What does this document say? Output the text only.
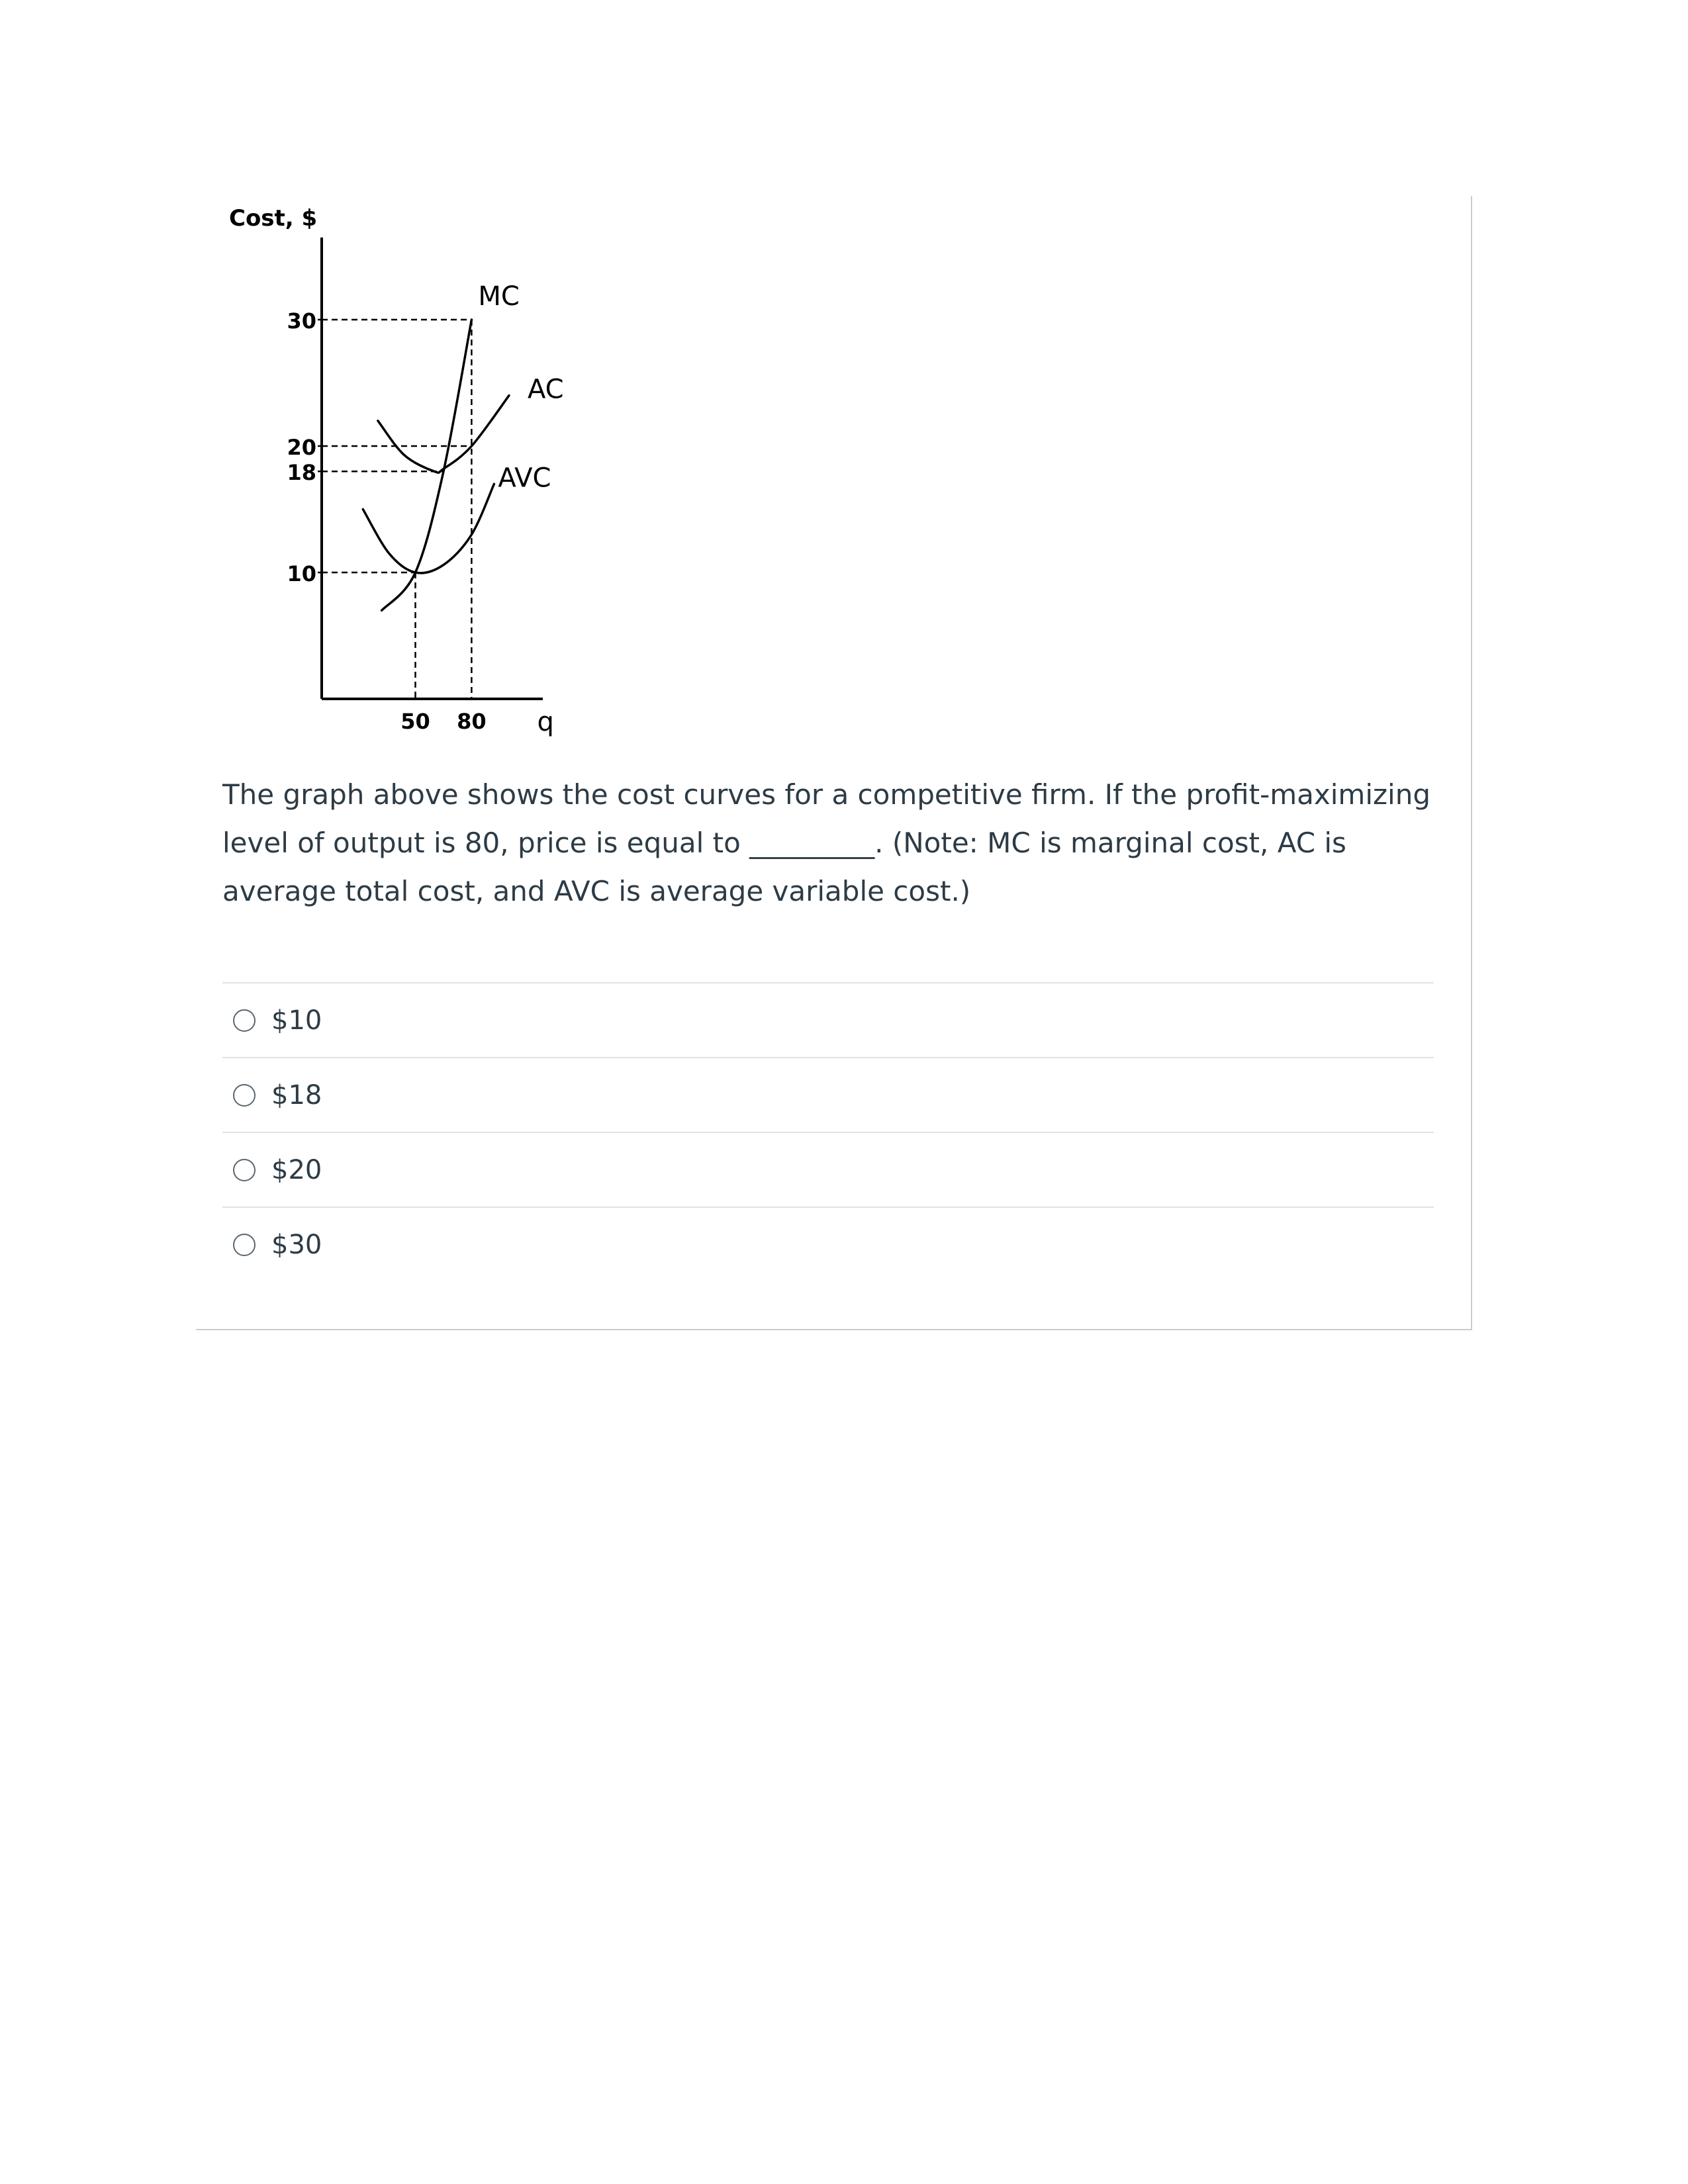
MC
AC
AVC
30
20
18
10
50 80
Cost, $
q

The graph above shows the cost curves for a competitive firm. If the profit-maximizing level of output is 80, price is equal to _________. (Note: MC is marginal cost, AC is average total cost, and AVC is average variable cost.)

$10
$18
$20
$30
